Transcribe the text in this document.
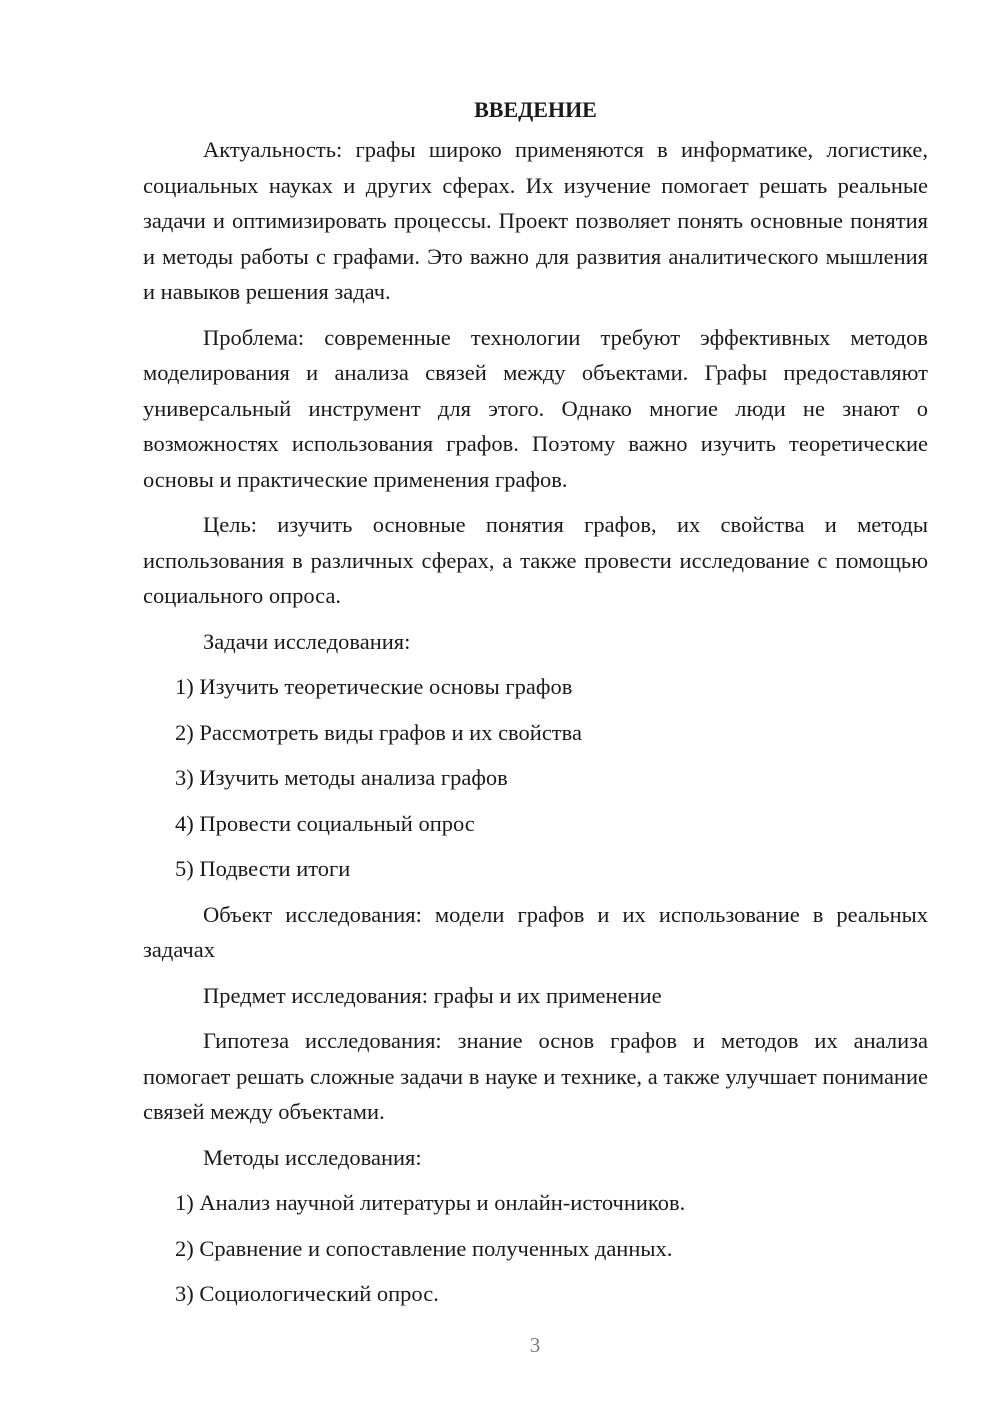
ВВЕДЕНИЕ

Актуальность: графы широко применяются в информатике, логистике, социальных науках и других сферах. Их изучение помогает решать реальные задачи и оптимизировать процессы. Проект позволяет понять основные понятия и методы работы с графами. Это важно для развития аналитического мышления и навыков решения задач.

Проблема: современные технологии требуют эффективных методов моделирования и анализа связей между объектами. Графы предоставляют универсальный инструмент для этого. Однако многие люди не знают о возможностях использования графов. Поэтому важно изучить теоретические основы и практические применения графов.

Цель: изучить основные понятия графов, их свойства и методы использования в различных сферах, а также провести исследование с помощью социального опроса.

Задачи исследования:
1) Изучить теоретические основы графов
2) Рассмотреть виды графов и их свойства
3) Изучить методы анализа графов
4) Провести социальный опрос
5) Подвести итоги

Объект исследования: модели графов и их использование в реальных задачах

Предмет исследования: графы и их применение

Гипотеза исследования: знание основ графов и методов их анализа помогает решать сложные задачи в науке и технике, а также улучшает понимание связей между объектами.

Методы исследования:
1) Анализ научной литературы и онлайн-источников.
2) Сравнение и сопоставление полученных данных.
3) Социологический опрос.
3
